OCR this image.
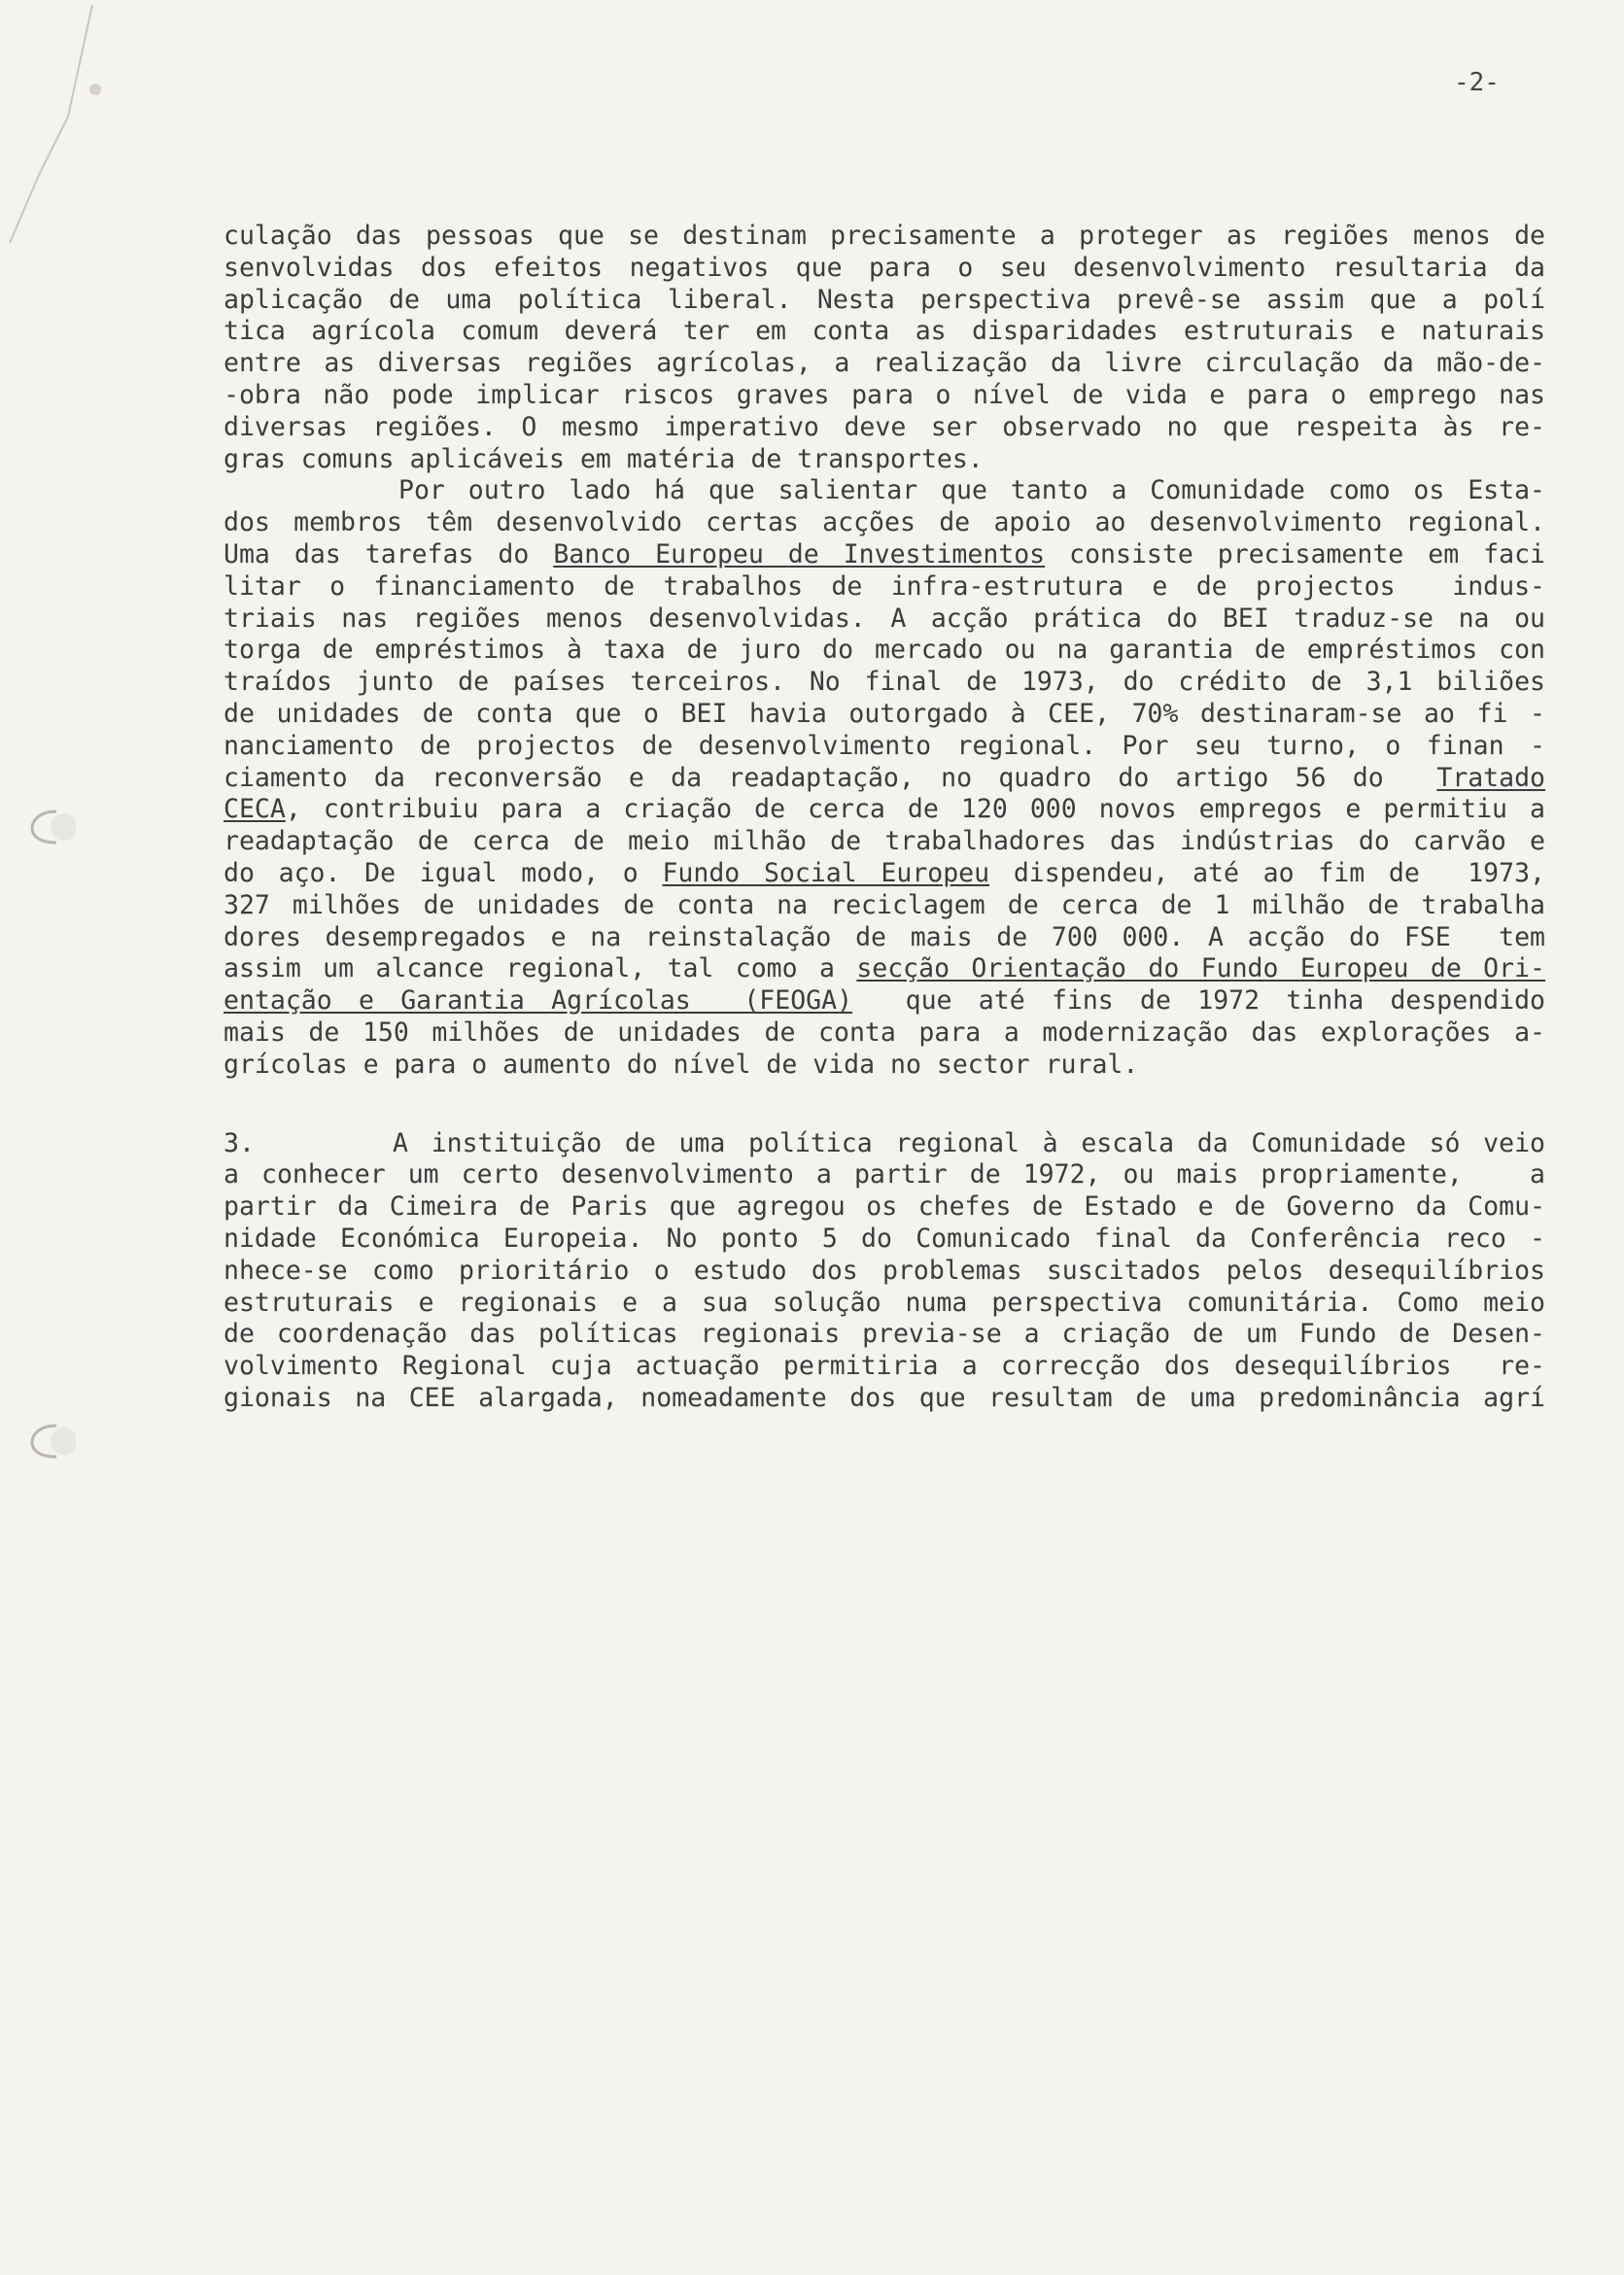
-2-
culação das pessoas que se destinam precisamente a proteger as regiões menos de
senvolvidas dos efeitos negativos que para o seu desenvolvimento resultaria da
aplicação de uma política liberal. Nesta perspectiva prevê-se assim que a polí
tica agrícola comum deverá ter em conta as disparidades estruturais e naturais
entre as diversas regiões agrícolas, a realização da livre circulação da mão-de-
-obra não pode implicar riscos graves para o nível de vida e para o emprego nas
diversas regiões. O mesmo imperativo deve ser observado no que respeita às re-
gras comuns aplicáveis em matéria de transportes.
Por outro lado há que salientar que tanto a Comunidade como os Esta-
dos membros têm desenvolvido certas acções de apoio ao desenvolvimento regional.
Uma das tarefas do Banco Europeu de Investimentos consiste precisamente em faci
litar o financiamento de trabalhos de infra-estrutura e de projectos  indus-
triais nas regiões menos desenvolvidas. A acção prática do BEI traduz-se na ou
torga de empréstimos à taxa de juro do mercado ou na garantia de empréstimos con
traídos junto de países terceiros. No final de 1973, do crédito de 3,1 biliões
de unidades de conta que o BEI havia outorgado à CEE, 70% destinaram-se ao fi -
nanciamento de projectos de desenvolvimento regional. Por seu turno, o finan -
ciamento da reconversão e da readaptação, no quadro do artigo 56 do  Tratado
CECA, contribuiu para a criação de cerca de 120 000 novos empregos e permitiu a
readaptação de cerca de meio milhão de trabalhadores das indústrias do carvão e
do aço. De igual modo, o Fundo Social Europeu dispendeu, até ao fim de  1973,
327 milhões de unidades de conta na reciclagem de cerca de 1 milhão de trabalha
dores desempregados e na reinstalação de mais de 700 000. A acção do FSE  tem
assim um alcance regional, tal como a secção Orientação do Fundo Europeu de Ori-
entação e Garantia Agrícolas  (FEOGA)  que até fins de 1972 tinha despendido
mais de 150 milhões de unidades de conta para a modernização das explorações a-
grícolas e para o aumento do nível de vida no sector rural.
3.      A instituição de uma política regional à escala da Comunidade só veio
a conhecer um certo desenvolvimento a partir de 1972, ou mais propriamente,   a
partir da Cimeira de Paris que agregou os chefes de Estado e de Governo da Comu-
nidade Económica Europeia. No ponto 5 do Comunicado final da Conferência reco -
nhece-se como prioritário o estudo dos problemas suscitados pelos desequilíbrios
estruturais e regionais e a sua solução numa perspectiva comunitária. Como meio
de coordenação das políticas regionais previa-se a criação de um Fundo de Desen-
volvimento Regional cuja actuação permitiria a correcção dos desequilíbrios  re-
gionais na CEE alargada, nomeadamente dos que resultam de uma predominância agrí
